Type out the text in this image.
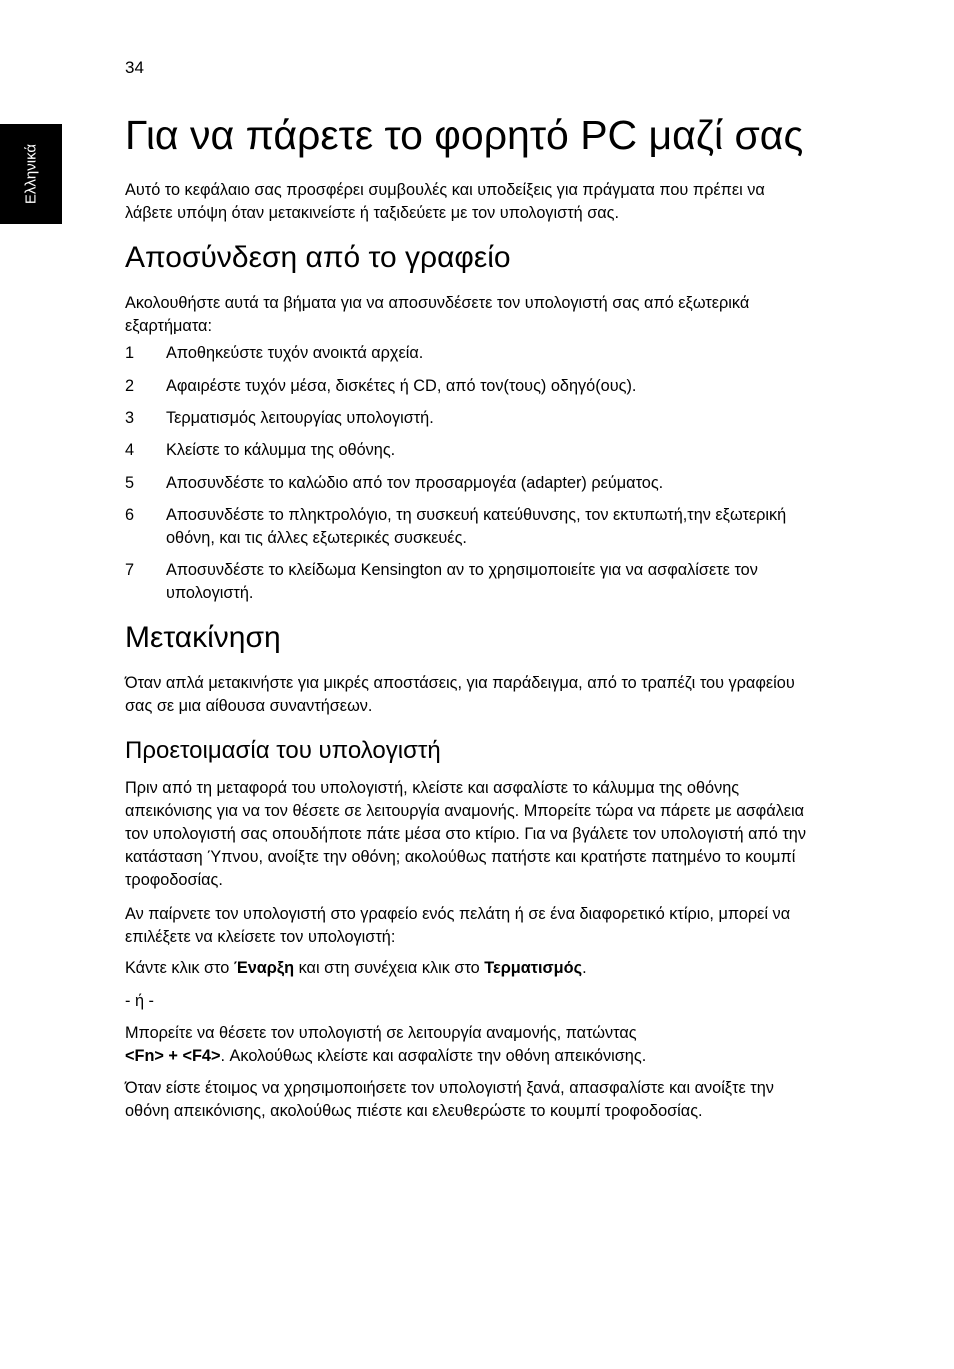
34
Ελληνικά
Για να πάρετε το φορητό PC μαζί σας

Αυτό το κεφάλαιο σας προσφέρει συμβουλές και υποδείξεις για πράγματα που πρέπει να λάβετε υπόψη όταν μετακινείστε ή ταξιδεύετε με τον υπολογιστή σας.

Αποσύνδεση από το γραφείο

Ακολουθήστε αυτά τα βήματα για να αποσυνδέσετε τον υπολογιστή σας από εξωτερικά εξαρτήματα:

1 Αποθηκεύστε τυχόν ανοικτά αρχεία.
2 Αφαιρέστε τυχόν μέσα, δισκέτες ή CD, από τον(τους) οδηγό(ους).
3 Τερματισμός λειτουργίας υπολογιστή.
4 Κλείστε το κάλυμμα της οθόνης.
5 Αποσυνδέστε το καλώδιο από τον προσαρμογέα (adapter) ρεύματος.
6 Αποσυνδέστε το πληκτρολόγιο, τη συσκευή κατεύθυνσης, τον εκτυπωτή,την εξωτερική οθόνη, και τις άλλες εξωτερικές συσκευές.
7 Αποσυνδέστε το κλείδωμα Kensington αν το χρησιμοποιείτε για να ασφαλίσετε τον υπολογιστή.
Μετακίνηση

Όταν απλά μετακινήστε για μικρές αποστάσεις, για παράδειγμα, από το τραπέζι του γραφείου σας σε μια αίθουσα συναντήσεων.

Προετοιμασία του υπολογιστή

Πριν από τη μεταφορά του υπολογιστή, κλείστε και ασφαλίστε το κάλυμμα της οθόνης απεικόνισης για να τον θέσετε σε λειτουργία αναμονής. Μπορείτε τώρα να πάρετε με ασφάλεια τον υπολογιστή σας οπουδήποτε πάτε μέσα στο κτίριο. Για να βγάλετε τον υπολογιστή από την κατάσταση Ύπνου, ανοίξτε την οθόνη; ακολούθως πατήστε και κρατήστε πατημένο το κουμπί τροφοδοσίας.

Αν παίρνετε τον υπολογιστή στο γραφείο ενός πελάτη ή σε ένα διαφορετικό κτίριο, μπορεί να επιλέξετε να κλείσετε τον υπολογιστή:

Κάντε κλικ στο Έναρξη και στη συνέχεια κλικ στο Τερματισμός.

- ή -

Μπορείτε να θέσετε τον υπολογιστή σε λειτουργία αναμονής, πατώντας
<Fn> + <F4>. Ακολούθως κλείστε και ασφαλίστε την οθόνη απεικόνισης.

Όταν είστε έτοιμος να χρησιμοποιήσετε τον υπολογιστή ξανά, απασφαλίστε και ανοίξτε την οθόνη απεικόνισης, ακολούθως πιέστε και ελευθερώστε το κουμπί τροφοδοσίας.
